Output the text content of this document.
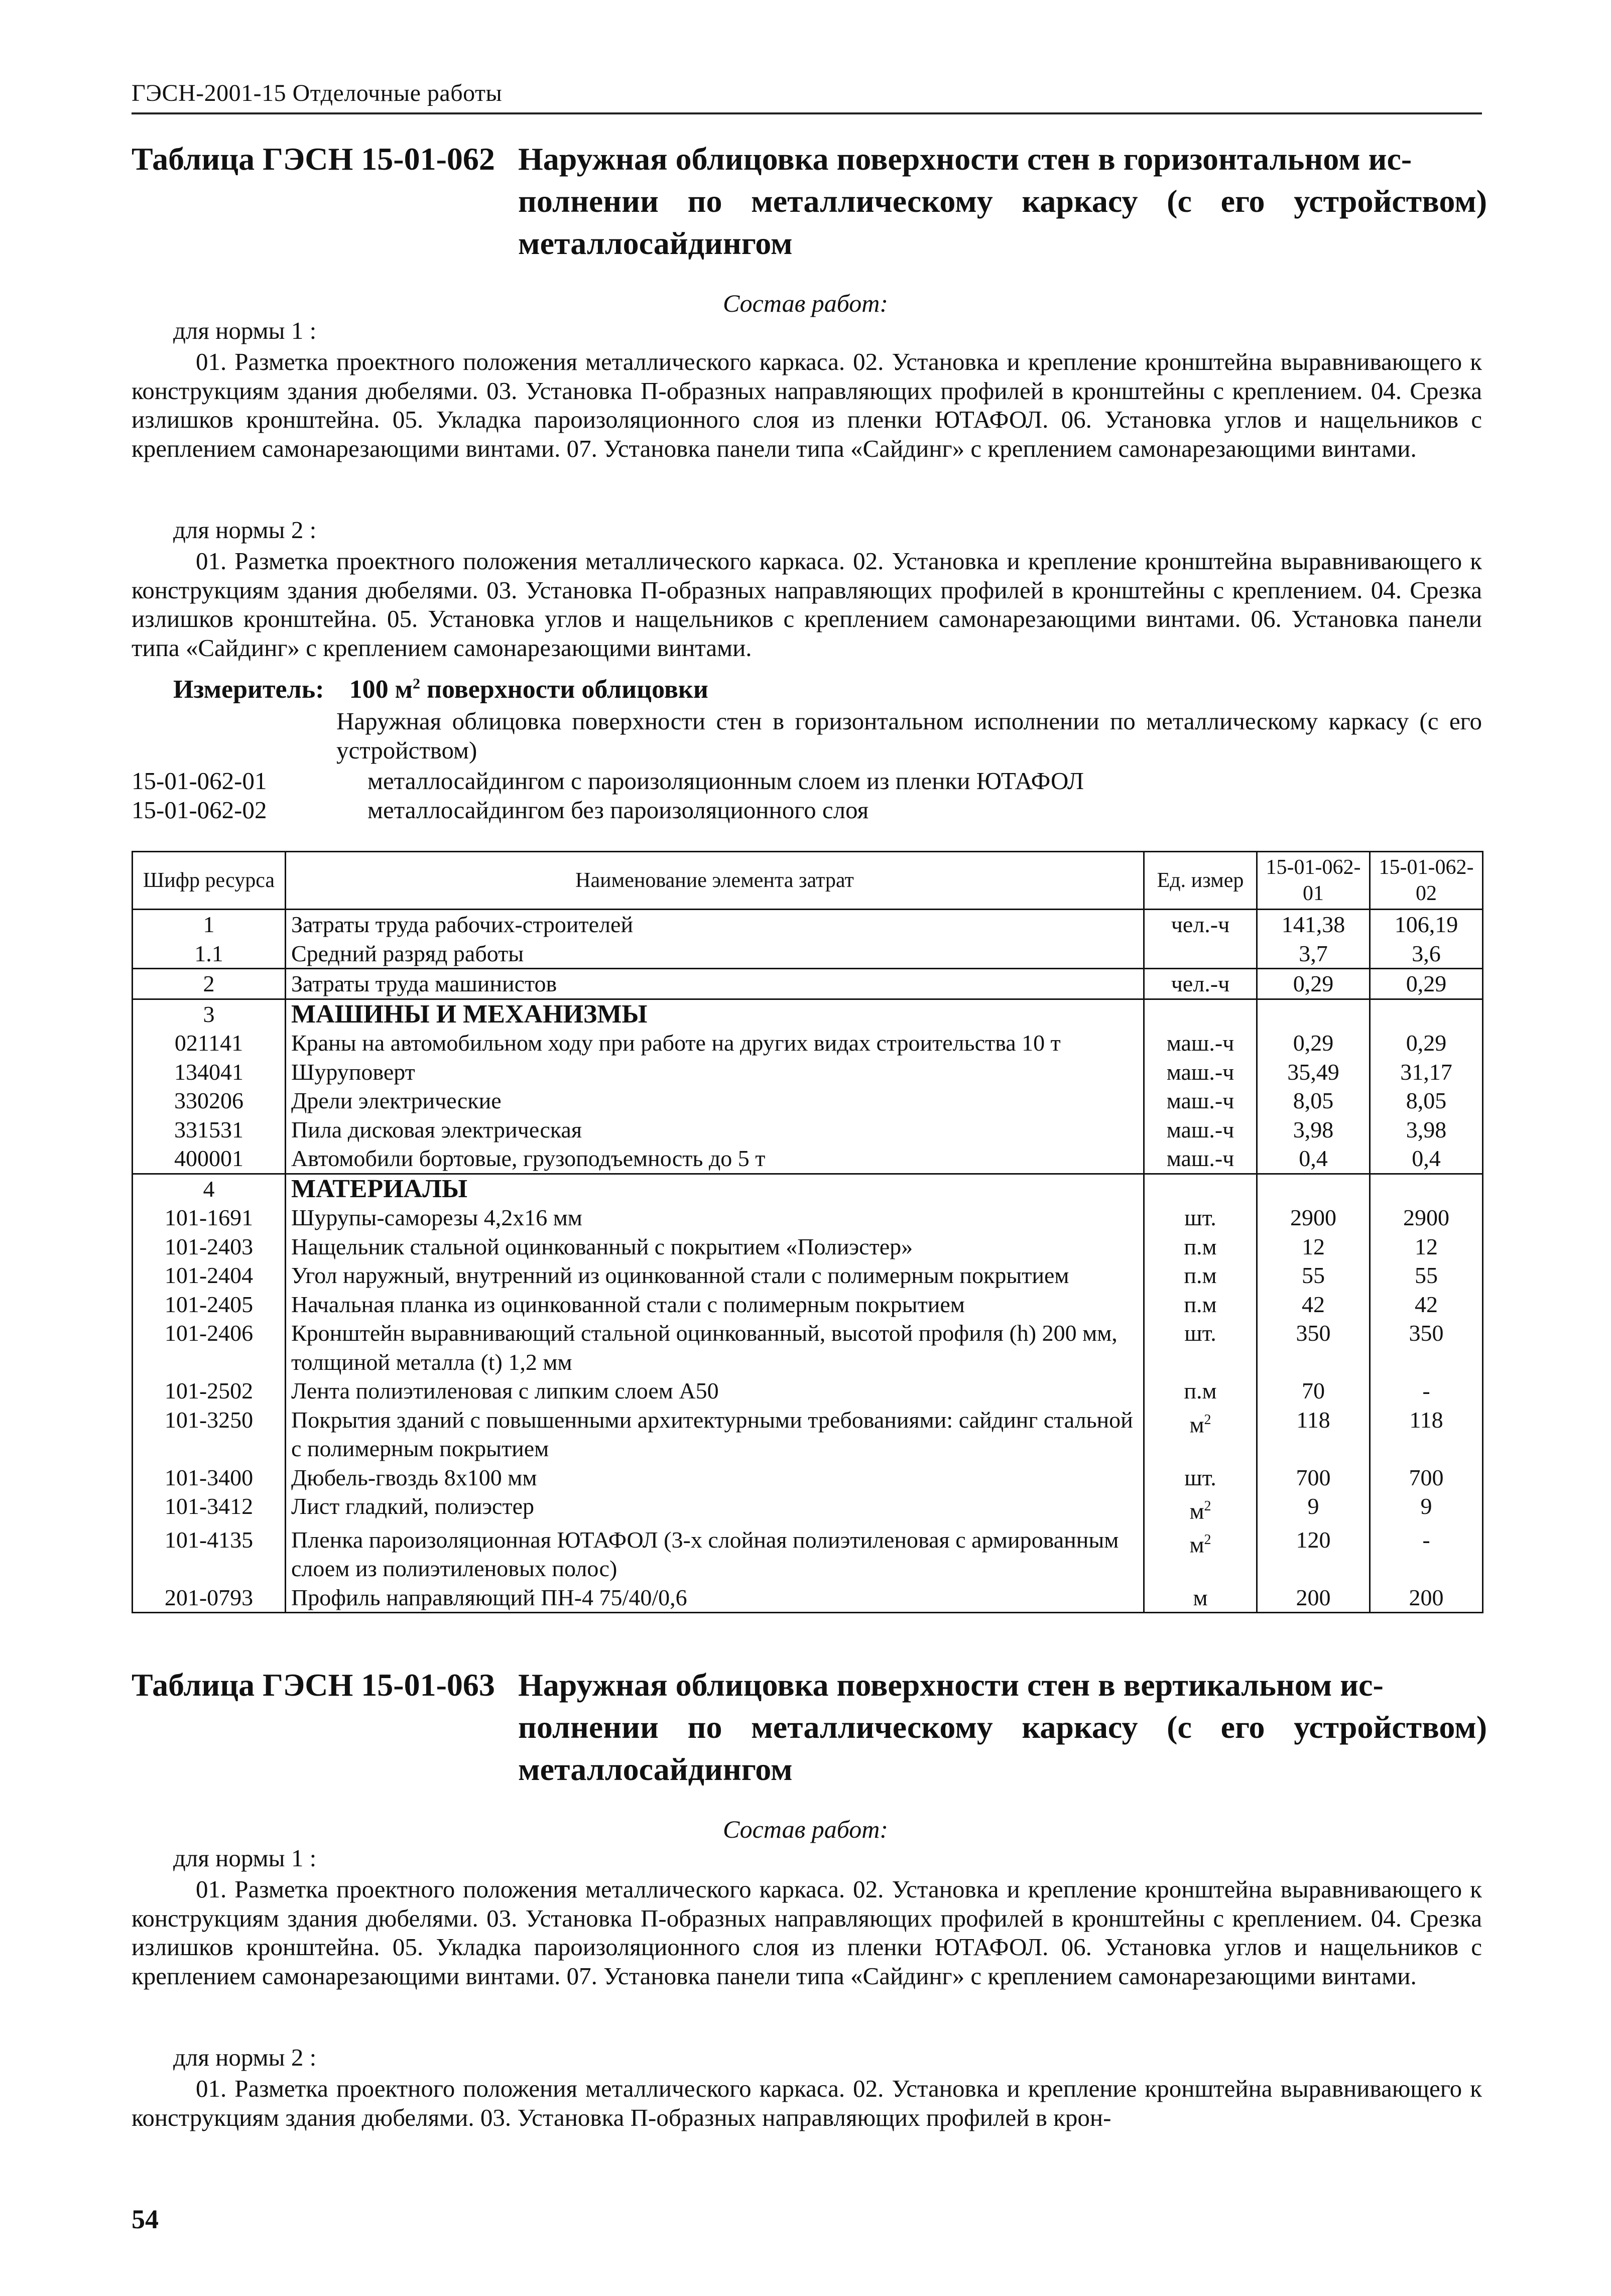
ГЭСН-2001-15 Отделочные работы
Таблица ГЭСН 15-01-062 Наружная облицовка поверхности стен в горизонтальном ис-
полнении по металлическому каркасу (с его устройством) металлосайдингом
Состав работ:
для нормы 1 :
01. Разметка проектного положения металлического каркаса. 02. Установка и крепление кронштейна выравнивающего к конструкциям здания дюбелями. 03. Установка П-образных направляющих профилей в кронштейны с креплением. 04. Срезка излишков кронштейна. 05. Укладка пароизоляционного слоя из пленки ЮТАФОЛ. 06. Установка углов и нащельников с креплением самонарезающими винтами. 07. Установка панели типа «Сайдинг» с креплением самонарезающими винтами.
для нормы 2 :
01. Разметка проектного положения металлического каркаса. 02. Установка и крепление кронштейна выравнивающего к конструкциям здания дюбелями. 03. Установка П-образных направляющих профилей в кронштейны с креплением. 04. Срезка излишков кронштейна. 05. Установка углов и нащельников с креплением самонарезающими винтами. 06. Установка панели типа «Сайдинг» с креплением самонарезающими винтами.
Измеритель: 100 $м^2$ поверхности облицовки
Наружная облицовка поверхности стен в горизонтальном исполнении по металлическому каркасу (с его устройством)
15-01-062-01	металлосайдингом с пароизоляционным слоем из пленки ЮТАФОЛ
15-01-062-02	металлосайдингом без пароизоляционного слоя
Шифр ресурса	Наименование элемента затрат	Ед. измер	15-01-062-01	15-01-062-02
1	Затраты труда рабочих-строителей	чел.-ч	141,38	106,19
1.1	Средний разряд работы		3,7	3,6
2	Затраты труда машинистов	чел.-ч	0,29	0,29
3	МАШИНЫ И МЕХАНИЗМЫ			
021141	Краны на автомобильном ходу при работе на других видах строительства 10 т	маш.-ч	0,29	0,29
134041	Шуруповерт	маш.-ч	35,49	31,17
330206	Дрели электрические	маш.-ч	8,05	8,05
331531	Пила дисковая электрическая	маш.-ч	3,98	3,98
400001	Автомобили бортовые, грузоподъемность до 5 т	маш.-ч	0,4	0,4
4	МАТЕРИАЛЫ			
101-1691	Шурупы-саморезы 4,2х16 мм	шт.	2900	2900
101-2403	Нащельник стальной оцинкованный с покрытием «Полиэстер»	п.м	12	12
101-2404	Угол наружный, внутренний из оцинкованной стали с полимерным покрытием	п.м	55	55
101-2405	Начальная планка из оцинкованной стали с полимерным покрытием	п.м	42	42
101-2406	Кронштейн выравнивающий стальной оцинкованный, высотой профиля (h) 200 мм, толщиной металла (t) 1,2 мм	шт.	350	350
101-2502	Лента полиэтиленовая с липким слоем А50	п.м	70	-
101-3250	Покрытия зданий с повышенными архитектурными требованиями: сайдинг стальной с полимерным покрытием	$м^2$	118	118
101-3400	Дюбель-гвоздь 8х100 мм	шт.	700	700
101-3412	Лист гладкий, полиэстер	$м^2$	9	9
101-4135	Пленка пароизоляционная ЮТАФОЛ (3-х слойная полиэтиленовая с армированным слоем из полиэтиленовых полос)	$м^2$	120	-
201-0793	Профиль направляющий ПН-4 75/40/0,6	м	200	200
Таблица ГЭСН 15-01-063 Наружная облицовка поверхности стен в вертикальном ис-
полнении по металлическому каркасу (с его устройством) металлосайдингом
Состав работ:
для нормы 1 :
01. Разметка проектного положения металлического каркаса. 02. Установка и крепление кронштейна выравнивающего к конструкциям здания дюбелями. 03. Установка П-образных направляющих профилей в кронштейны с креплением. 04. Срезка излишков кронштейна. 05. Укладка пароизоляционного слоя из пленки ЮТАФОЛ. 06. Установка углов и нащельников с креплением самонарезающими винтами. 07. Установка панели типа «Сайдинг» с креплением самонарезающими винтами.
для нормы 2 :
01. Разметка проектного положения металлического каркаса. 02. Установка и крепление кронштейна выравнивающего к конструкциям здания дюбелями. 03. Установка П-образных направляющих профилей в крон-
54
